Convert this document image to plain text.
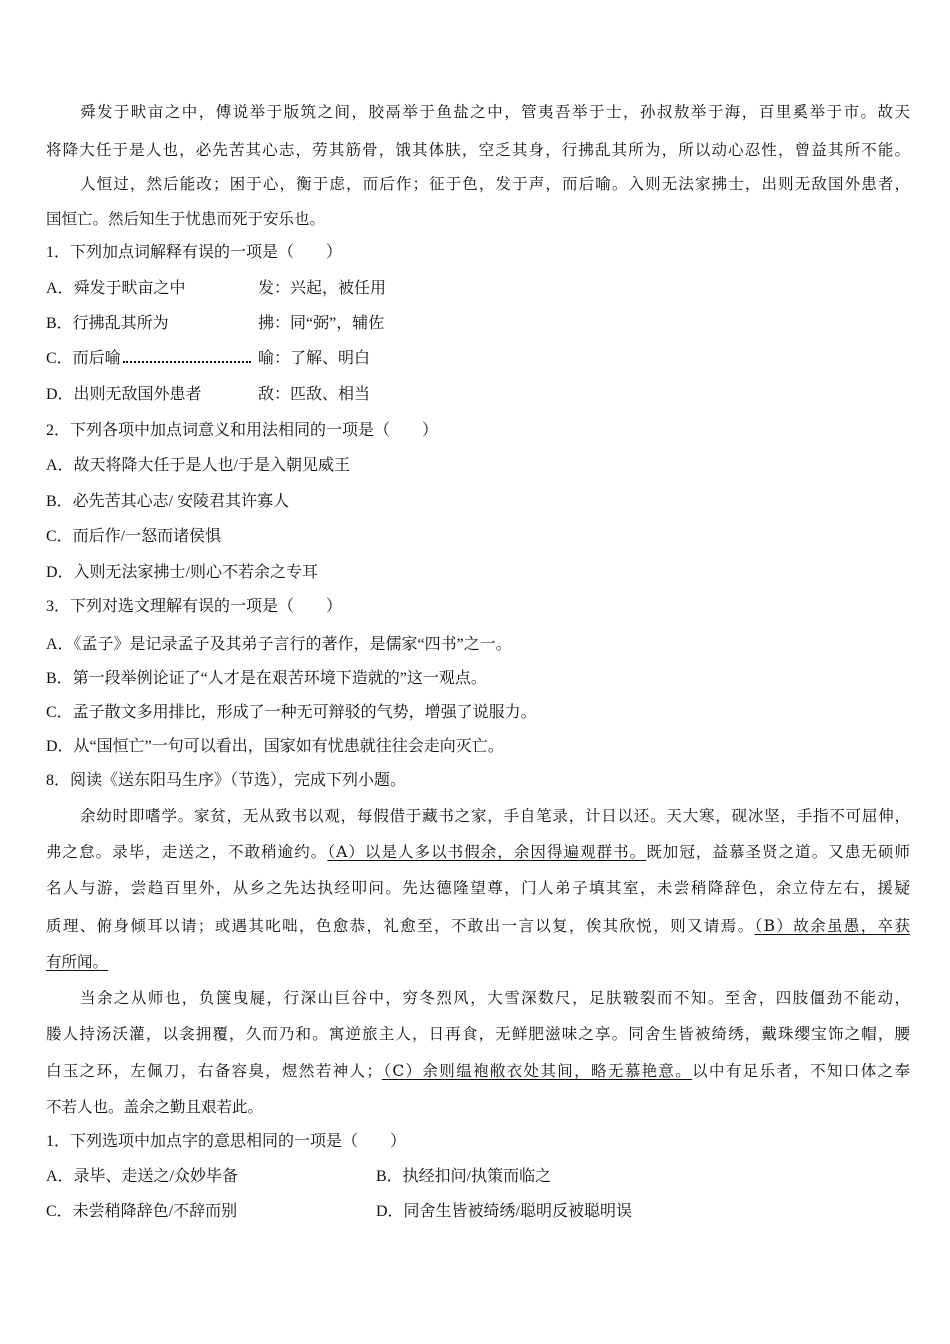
舜发于畎亩之中，傅说举于版筑之间，胶鬲举于鱼盐之中，管夷吾举于士，孙叔敖举于海，百里奚举于市。故天
将降大任于是人也，必先苦其心志，劳其筋骨，饿其体肤，空乏其身，行拂乱其所为，所以动心忍性，曾益其所不能。
人恒过，然后能改；困于心，衡于虑，而后作；征于色，发于声，而后喻。入则无法家拂士，出则无敌国外患者，
国恒亡。然后知生于忧患而死于安乐也。
1．下列加点词解释有误的一项是（　　）
A．舜发于畎亩之中	发：兴起，被任用
B．行拂乱其所为	拂：同“弼”，辅佐
C．而后喻	喻：了解、明白
D．出则无敌国外患者	敌：匹敌、相当
2．下列各项中加点词意义和用法相同的一项是（　　）
A．故天将降大任于是人也/于是入朝见威王
B．必先苦其心志/ 安陵君其许寡人
C．而后作/一怒而诸侯惧
D．入则无法家拂士/则心不若余之专耳
3．下列对选文理解有误的一项是（　　）
A．《孟子》是记录孟子及其弟子言行的著作，是儒家“四书”之一。
B．第一段举例论证了“人才是在艰苦环境下造就的”这一观点。
C．孟子散文多用排比，形成了一种无可辩驳的气势，增强了说服力。
D．从“国恒亡”一句可以看出，国家如有忧患就往往会走向灭亡。
8．阅读《送东阳马生序》（节选），完成下列小题。
余幼时即嗜学。家贫，无从致书以观，每假借于藏书之家，手自笔录，计日以还。天大寒，砚冰坚，手指不可屈伸，
弗之怠。录毕，走送之，不敢稍逾约。（A）以是人多以书假余，余因得遍观群书。既加冠，益慕圣贤之道。又患无硕师
名人与游，尝趋百里外，从乡之先达执经叩问。先达德隆望尊，门人弟子填其室，未尝稍降辞色，余立侍左右，援疑
质理、俯身倾耳以请；或遇其叱咄，色愈恭，礼愈至，不敢出一言以复，俟其欣悦，则又请焉。（B）故余虽愚，卒获
有所闻。
当余之从师也，负箧曳屣，行深山巨谷中，穷冬烈风，大雪深数尺，足肤皲裂而不知。至舍，四肢僵劲不能动，
媵人持汤沃灌，以衾拥覆，久而乃和。寓逆旅主人，日再食，无鲜肥滋味之享。同舍生皆被绮绣，戴珠缨宝饰之帽，腰
白玉之环，左佩刀，右备容臭，煜然若神人；（C）余则缊袍敝衣处其间，略无慕艳意。以中有足乐者，不知口体之奉
不若人也。盖余之勤且艰若此。
1．下列选项中加点字的意思相同的一项是（　　）
A．录毕、走送之/众妙毕备	B．执经扣问/执策而临之
C．未尝稍降辞色/不辞而别	D．同舍生皆被绮绣/聪明反被聪明误
